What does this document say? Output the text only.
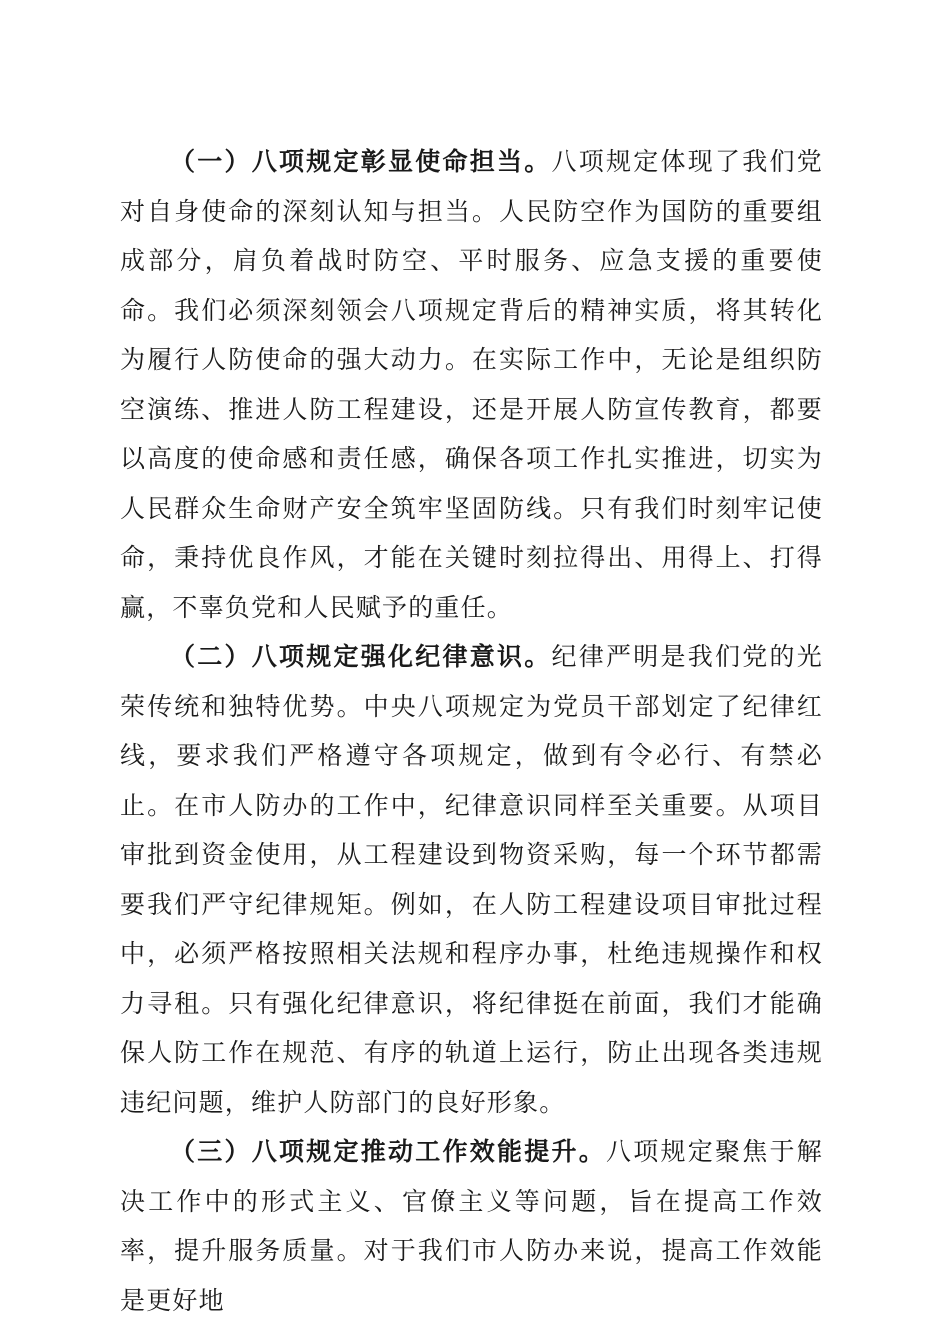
（一）八项规定彰显使命担当。八项规定体现了我们党对自身使命的深刻认知与担当。人民防空作为国防的重要组成部分，肩负着战时防空、平时服务、应急支援的重要使命。我们必须深刻领会八项规定背后的精神实质，将其转化为履行人防使命的强大动力。在实际工作中，无论是组织防空演练、推进人防工程建设，还是开展人防宣传教育，都要以高度的使命感和责任感，确保各项工作扎实推进，切实为人民群众生命财产安全筑牢坚固防线。只有我们时刻牢记使命，秉持优良作风，才能在关键时刻拉得出、用得上、打得赢，不辜负党和人民赋予的重任。

（二）八项规定强化纪律意识。纪律严明是我们党的光荣传统和独特优势。中央八项规定为党员干部划定了纪律红线，要求我们严格遵守各项规定，做到有令必行、有禁必止。在市人防办的工作中，纪律意识同样至关重要。从项目审批到资金使用，从工程建设到物资采购，每一个环节都需要我们严守纪律规矩。例如，在人防工程建设项目审批过程中，必须严格按照相关法规和程序办事，杜绝违规操作和权力寻租。只有强化纪律意识，将纪律挺在前面，我们才能确保人防工作在规范、有序的轨道上运行，防止出现各类违规违纪问题，维护人防部门的良好形象。

（三）八项规定推动工作效能提升。八项规定聚焦于解决工作中的形式主义、官僚主义等问题，旨在提高工作效率，提升服务质量。对于我们市人防办来说，提高工作效能是更好地
